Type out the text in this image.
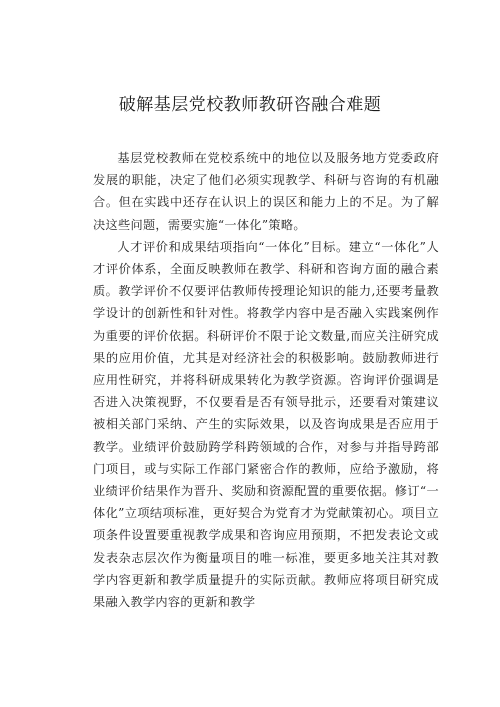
破解基层党校教师教研咨融合难题

基层党校教师在党校系统中的地位以及服务地方党委政府发展的职能，决定了他们必须实现教学、科研与咨询的有机融合。但在实践中还存在认识上的误区和能力上的不足。为了解决这些问题，需要实施“一体化”策略。

人才评价和成果结项指向“一体化”目标。建立“一体化”人才评价体系，全面反映教师在教学、科研和咨询方面的融合素质。教学评价不仅要评估教师传授理论知识的能力,还要考量教学设计的创新性和针对性。将教学内容中是否融入实践案例作为重要的评价依据。科研评价不限于论文数量,而应关注研究成果的应用价值，尤其是对经济社会的积极影响。鼓励教师进行应用性研究，并将科研成果转化为教学资源。咨询评价强调是否进入决策视野，不仅要看是否有领导批示，还要看对策建议被相关部门采纳、产生的实际效果，以及咨询成果是否应用于教学。业绩评价鼓励跨学科跨领域的合作，对参与并指导跨部门项目，或与实际工作部门紧密合作的教师，应给予激励，将业绩评价结果作为晋升、奖励和资源配置的重要依据。修订“一体化”立项结项标准，更好契合为党育才为党献策初心。项目立项条件设置要重视教学成果和咨询应用预期，不把发表论文或发表杂志层次作为衡量项目的唯一标准，要更多地关注其对教学内容更新和教学质量提升的实际贡献。教师应将项目研究成果融入教学内容的更新和教学
